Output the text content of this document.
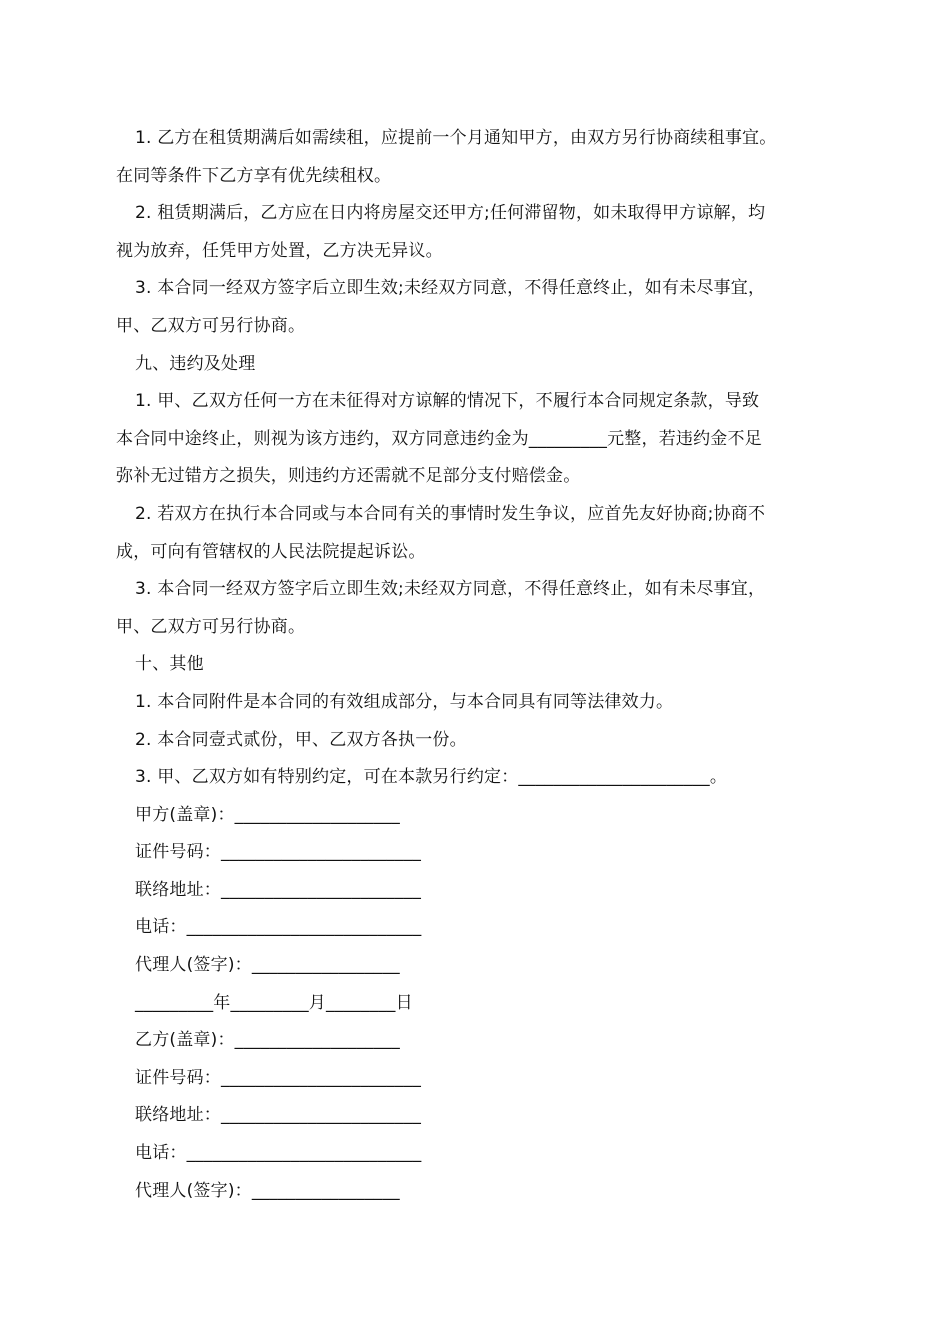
1. 乙方在租赁期满后如需续租，应提前一个月通知甲方，由双方另行协商续租事宜。
在同等条件下乙方享有优先续租权。
2. 租赁期满后，乙方应在日内将房屋交还甲方;任何滞留物，如未取得甲方谅解，均
视为放弃，任凭甲方处置，乙方决无异议。
3. 本合同一经双方签字后立即生效;未经双方同意，不得任意终止，如有未尽事宜，
甲、乙双方可另行协商。
九、违约及处理
1. 甲、乙双方任何一方在未征得对方谅解的情况下，不履行本合同规定条款，导致
本合同中途终止，则视为该方违约，双方同意违约金为_________元整，若违约金不足
弥补无过错方之损失，则违约方还需就不足部分支付赔偿金。
2. 若双方在执行本合同或与本合同有关的事情时发生争议，应首先友好协商;协商不
成，可向有管辖权的人民法院提起诉讼。
3. 本合同一经双方签字后立即生效;未经双方同意，不得任意终止，如有未尽事宜，
甲、乙双方可另行协商。
十、其他
1. 本合同附件是本合同的有效组成部分，与本合同具有同等法律效力。
2. 本合同壹式贰份，甲、乙双方各执一份。
3. 甲、乙双方如有特别约定，可在本款另行约定：______________________。
甲方(盖章)：___________________
证件号码：_______________________
联络地址：_______________________
电话：___________________________
代理人(签字)：_________________
_________年_________月________日
乙方(盖章)：___________________
证件号码：_______________________
联络地址：_______________________
电话：___________________________
代理人(签字)：_________________
